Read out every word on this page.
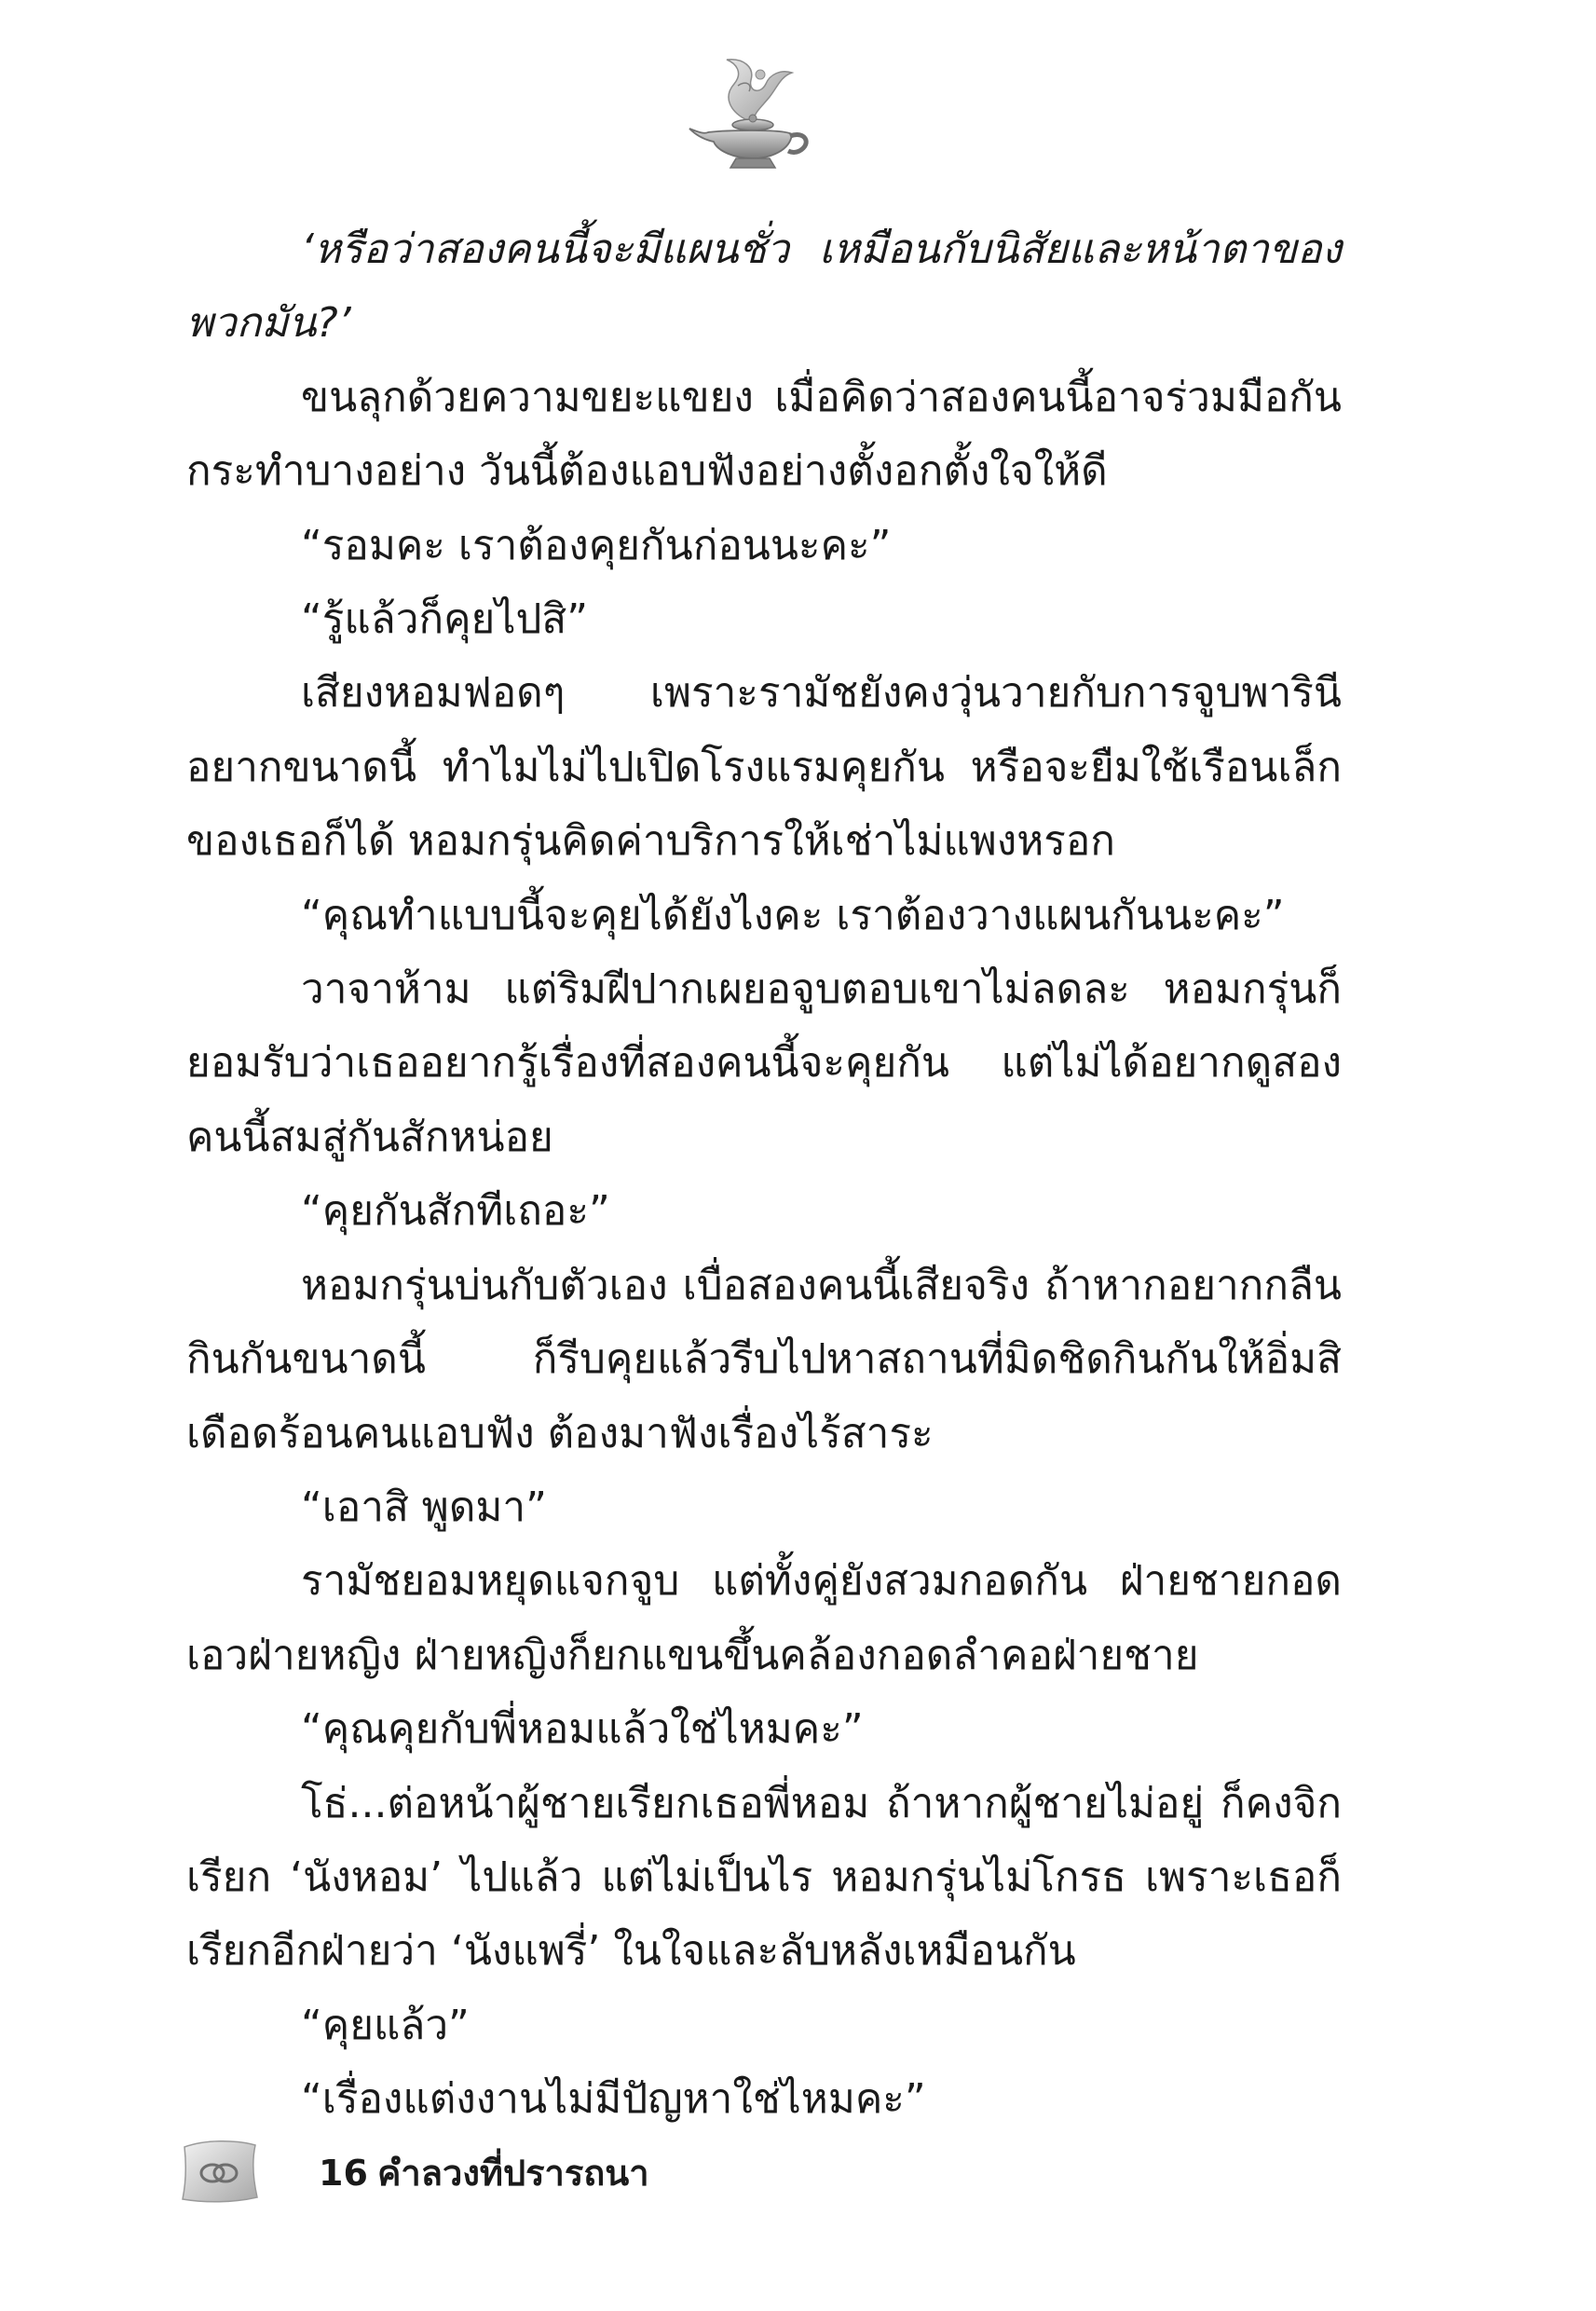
‘หรือว่าสองคนนี้จะมีแผนชั่ว เหมือนกับนิสัยและหน้าตาของพวกมัน?’

ขนลุกด้วยความขยะแขยง เมื่อคิดว่าสองคนนี้อาจร่วมมือกันกระทำบางอย่าง วันนี้ต้องแอบฟังอย่างตั้งอกตั้งใจให้ดี

“รอมคะ เราต้องคุยกันก่อนนะคะ”

“รู้แล้วก็คุยไปสิ”

เสียงหอมฟอดๆ เพราะรามัชยังคงวุ่นวายกับการจูบพารินีอยากขนาดนี้ ทำไมไม่ไปเปิดโรงแรมคุยกัน หรือจะยืมใช้เรือนเล็กของเธอก็ได้ หอมกรุ่นคิดค่าบริการให้เช่าไม่แพงหรอก

“คุณทำแบบนี้จะคุยได้ยังไงคะ เราต้องวางแผนกันนะคะ”

วาจาห้าม แต่ริมฝีปากเผยอจูบตอบเขาไม่ลดละ หอมกรุ่นก็ยอมรับว่าเธออยากรู้เรื่องที่สองคนนี้จะคุยกัน แต่ไม่ได้อยากดูสองคนนี้สมสู่กันสักหน่อย

“คุยกันสักทีเถอะ”

หอมกรุ่นบ่นกับตัวเอง เบื่อสองคนนี้เสียจริง ถ้าหากอยากกลืนกินกันขนาดนี้ ก็รีบคุยแล้วรีบไปหาสถานที่มิดชิดกินกันให้อิ่มสิ เดือดร้อนคนแอบฟัง ต้องมาฟังเรื่องไร้สาระ

“เอาสิ พูดมา”

รามัชยอมหยุดแจกจูบ แต่ทั้งคู่ยังสวมกอดกัน ฝ่ายชายกอดเอวฝ่ายหญิง ฝ่ายหญิงก็ยกแขนขึ้นคล้องกอดลำคอฝ่ายชาย

“คุณคุยกับพี่หอมแล้วใช่ไหมคะ”

โธ่...ต่อหน้าผู้ชายเรียกเธอพี่หอม ถ้าหากผู้ชายไม่อยู่ ก็คงจิกเรียก ‘นังหอม’ ไปแล้ว แต่ไม่เป็นไร หอมกรุ่นไม่โกรธ เพราะเธอก็เรียกอีกฝ่ายว่า ‘นังแพรี่’ ในใจและลับหลังเหมือนกัน

“คุยแล้ว”

“เรื่องแต่งงานไม่มีปัญหาใช่ไหมคะ”

16 คำลวงที่ปรารถนา
